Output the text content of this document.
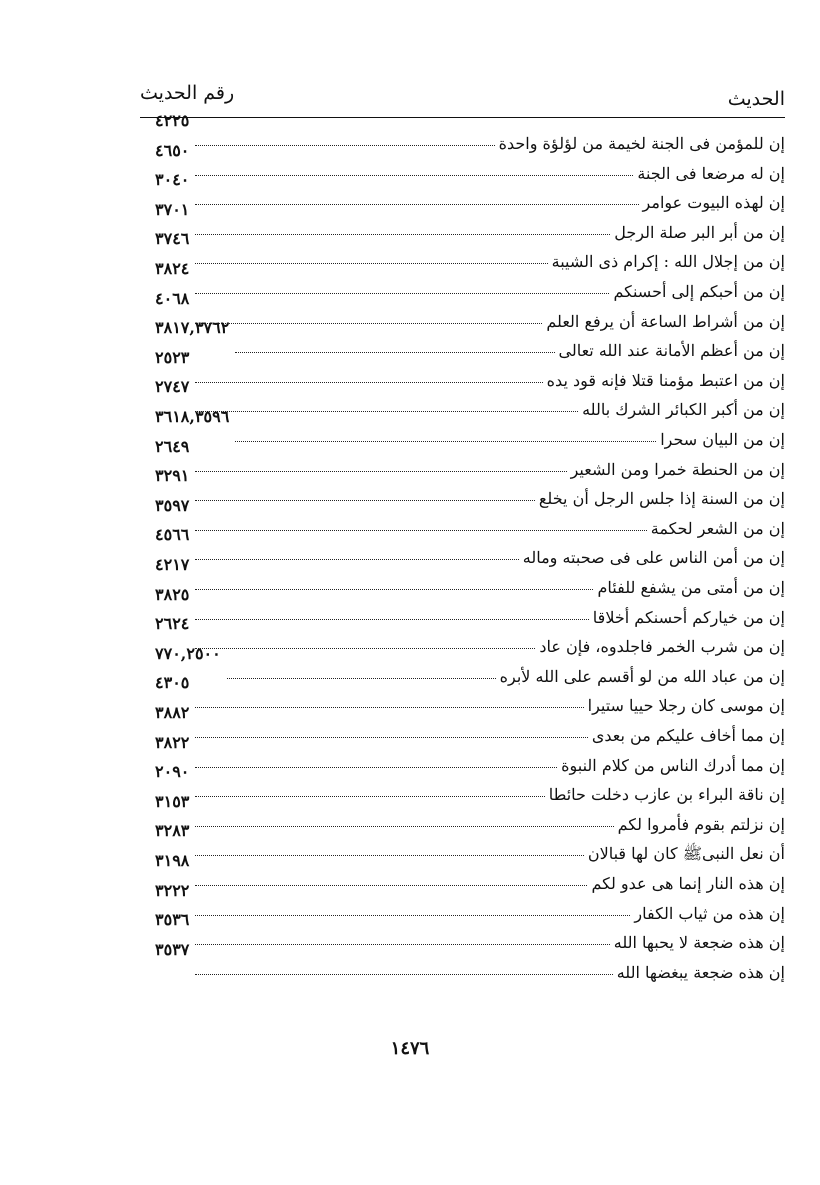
الحديث
رقم الحديث
إن للمؤمن فى الجنة لخيمة من لؤلؤة واحدة
٤٢٢٥
إن له مرضعا فى الجنة
٤٦٥٠
إن لهذه البيوت عوامر
٣٠٤٠
إن من أبر البر صلة الرجل
٣٧٠١
إن من إجلال الله : إكرام ذى الشيبة
٣٧٤٦
إن من أحبكم إلى أحسنكم
٣٨٢٤
إن من أشراط الساعة أن يرفع العلم
٤٠٦٨
إن من أعظم الأمانة عند الله تعالى
٣٨١٧,٣٧٦٢
إن من اعتبط مؤمنا قتلا فإنه قود يده
٢٥٢٣
إن من أكبر الكبائر الشرك بالله
٢٧٤٧
إن من البيان سحرا
٣٦١٨,٣٥٩٦
إن من الحنطة خمرا ومن الشعير
٢٦٤٩
إن من السنة إذا جلس الرجل أن يخلع
٣٢٩١
إن من الشعر لحكمة
٣٥٩٧
إن من أمن الناس على فى صحبته وماله
٤٥٦٦
إن من أمتى من يشفع للفئام
٤٢١٧
إن من خياركم أحسنكم أخلاقا
٣٨٢٥
إن من شرب الخمر فاجلدوه، فإن عاد
٢٦٢٤
إن من عباد الله من لو أقسم على الله لأبره
٧٧٠,٢٥٠٠
إن موسى كان رجلا حييا ستيرا
٤٣٠٥
إن مما أخاف عليكم من بعدى
٣٨٨٢
إن مما أدرك الناس من كلام النبوة
٣٨٢٢
إن ناقة البراء بن عازب دخلت حائطا
٢٠٩٠
إن نزلتم بقوم فأمروا لكم
٣١٥٣
أن نعل النبىﷺ كان لها قبالان
٣٢٨٣
إن هذه النار إنما هى عدو لكم
٣١٩٨
إن هذه من ثياب الكفار
٣٢٢٢
إن هذه ضجعة لا يحبها الله
٣٥٣٦
إن هذه ضجعة يبغضها الله
٣٥٣٧
١٤٧٦
